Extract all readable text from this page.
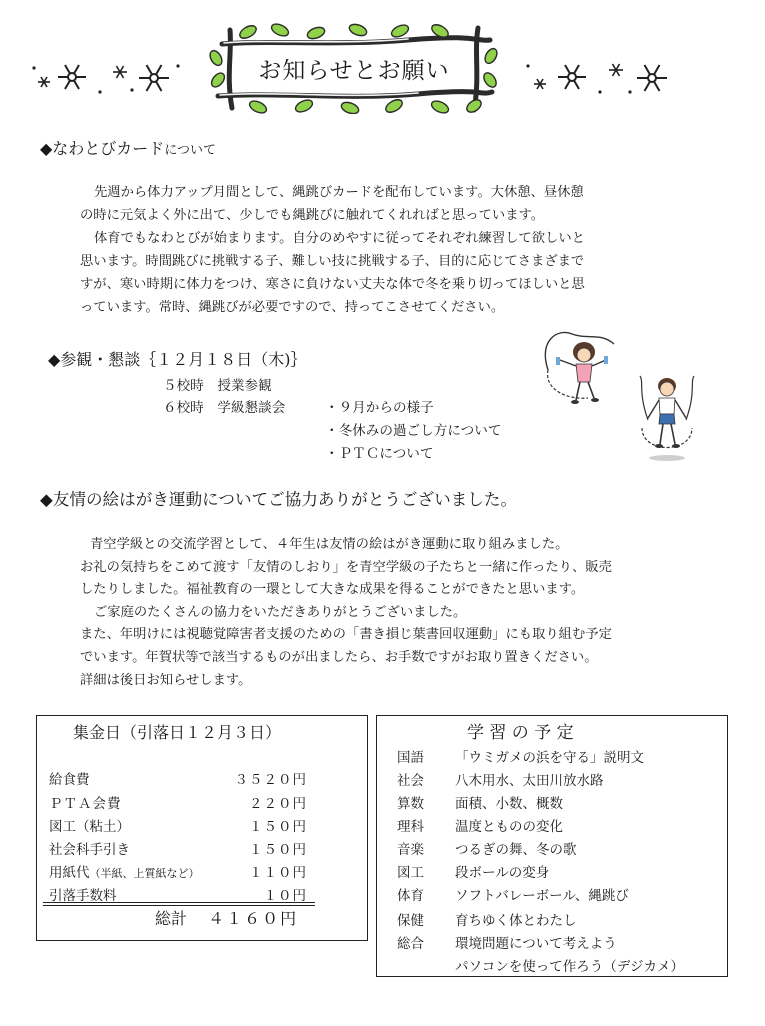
お知らせとお願い
◆なわとびカードについて
先週から体力アップ月間として、縄跳びカードを配布しています。大休憩、昼休憩
の時に元気よく外に出て、少しでも縄跳びに触れてくれればと思っています。
体育でもなわとびが始まります。自分のめやすに従ってそれぞれ練習して欲しいと
思います。時間跳びに挑戦する子、難しい技に挑戦する子、目的に応じてさまざまで
すが、寒い時期に体力をつけ、寒さに負けない丈夫な体で冬を乗り切ってほしいと思
っています。常時、縄跳びが必要ですので、持ってこさせてください。
◆参観・懇談｛１２月１８日（木)｝
５校時　授業参観
６校時　学級懇談会	・９月からの様子
・冬休みの過ごし方について
・ＰＴＣについて
◆友情の絵はがき運動についてご協力ありがとうございました。
青空学級との交流学習として、４年生は友情の絵はがき運動に取り組みました。
お礼の気持ちをこめて渡す「友情のしおり」を青空学級の子たちと一緒に作ったり、販売
したりしました。福祉教育の一環として大きな成果を得ることができたと思います。
ご家庭のたくさんの協力をいただきありがとうございました。
また、年明けには視聴覚障害者支援のための「書き損じ葉書回収運動」にも取り組む予定
でいます。年賀状等で該当するものが出ましたら、お手数ですがお取り置きください。
詳細は後日お知らせします。
集金日（引落日１２月３日）
給食費	３５２０円
ＰＴＡ会費	２２０円
図工（粘土）	１５０円
社会科手引き	１５０円
用紙代（半紙、上質紙など）	１１０円
引落手数料	１０円
総計 ４１６０円
学 習 の 予 定
国語	「ウミガメの浜を守る」説明文
社会	八木用水、太田川放水路
算数	面積、小数、概数
理科	温度とものの変化
音楽	つるぎの舞、冬の歌
図工	段ボールの変身
体育	ソフトバレーボール、縄跳び
保健	育ちゆく体とわたし
総合	環境問題について考えよう
パソコンを使って作ろう（デジカメ）
